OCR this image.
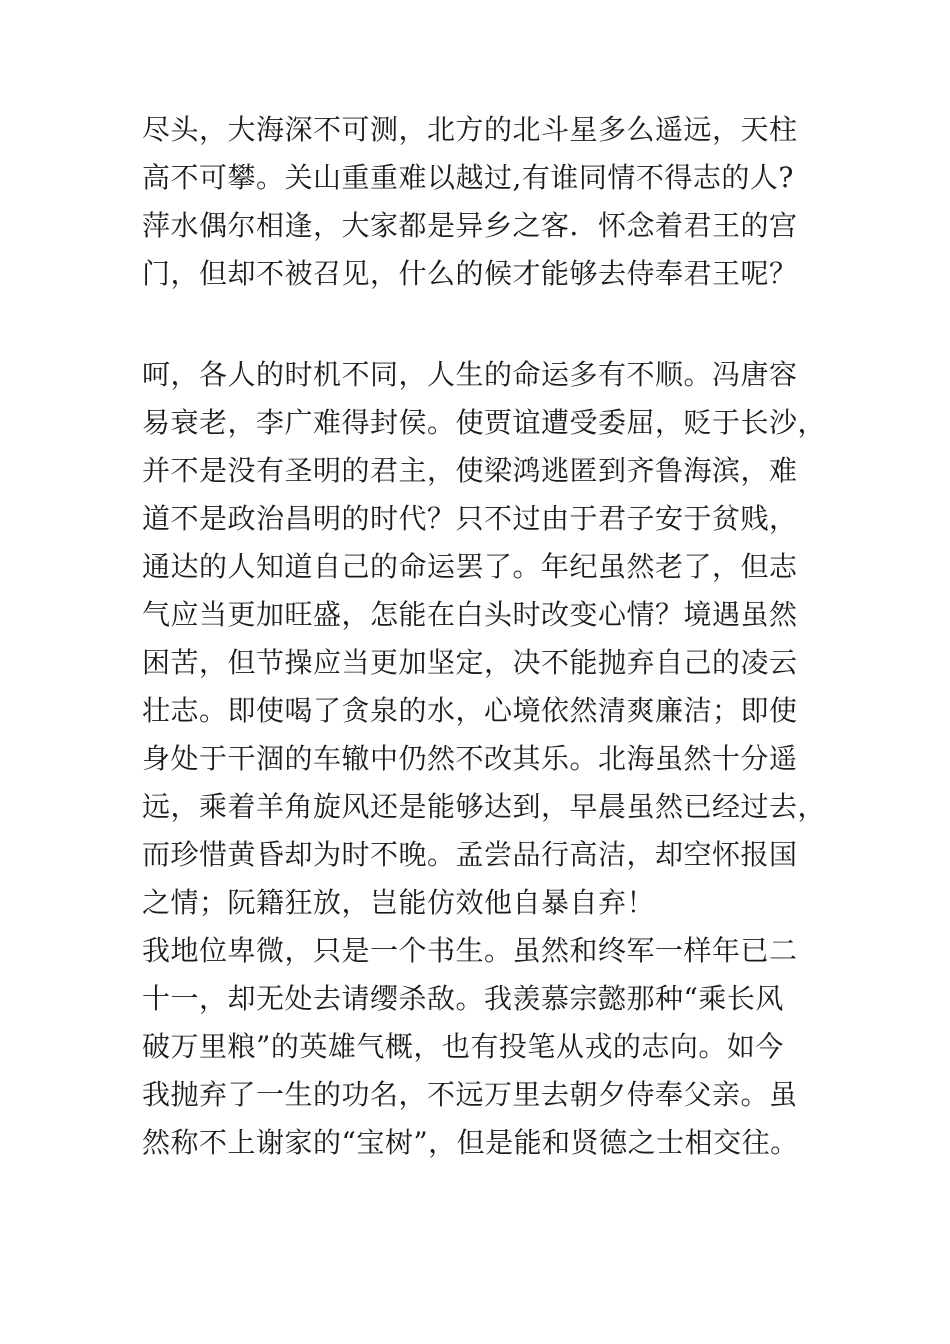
尽头，大海深不可测，北方的北斗星多么遥远，天柱
高不可攀。关山重重难以越过,有谁同情不得志的人?
萍水偶尔相逢，大家都是异乡之客．怀念着君王的宫
门，但却不被召见，什么的候才能够去侍奉君王呢？
呵，各人的时机不同，人生的命运多有不顺。冯唐容
易衰老，李广难得封侯。使贾谊遭受委屈，贬于长沙，
并不是没有圣明的君主，使梁鸿逃匿到齐鲁海滨，难
道不是政治昌明的时代？只不过由于君子安于贫贱，
通达的人知道自己的命运罢了。年纪虽然老了，但志
气应当更加旺盛，怎能在白头时改变心情？境遇虽然
困苦，但节操应当更加坚定，决不能抛弃自己的凌云
壮志。即使喝了贪泉的水，心境依然清爽廉洁；即使
身处于干涸的车辙中仍然不改其乐。北海虽然十分遥
远，乘着羊角旋风还是能够达到，早晨虽然已经过去，
而珍惜黄昏却为时不晚。孟尝品行高洁，却空怀报国
之情；阮籍狂放，岂能仿效他自暴自弃！
我地位卑微，只是一个书生。虽然和终军一样年已二
十一，却无处去请缨杀敌。我羡慕宗懿那种“乘长风
破万里粮”的英雄气概，也有投笔从戎的志向。如今
我抛弃了一生的功名，不远万里去朝夕侍奉父亲。虽
然称不上谢家的“宝树”，但是能和贤德之士相交往。
